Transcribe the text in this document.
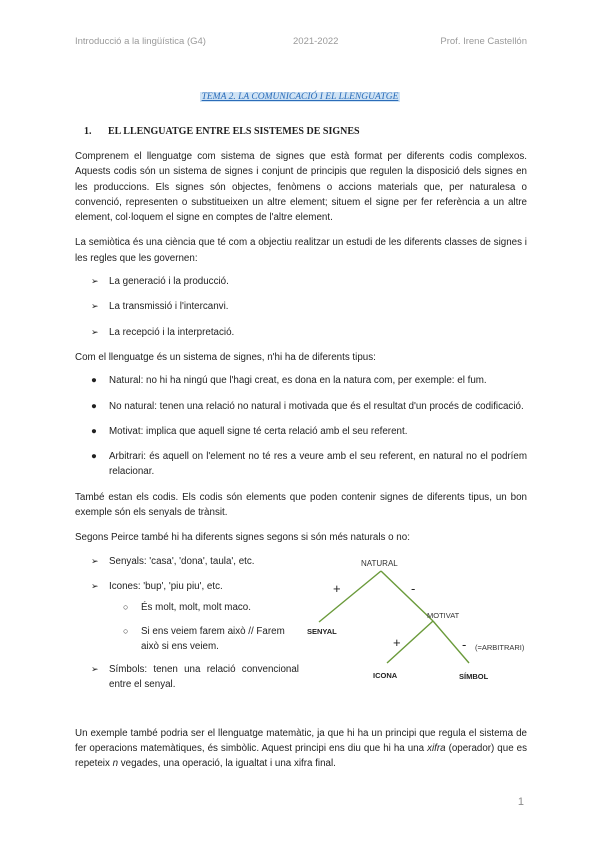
Introducció a la lingüística (G4)	2021-2022	Prof. Irene Castellón
TEMA 2. LA COMUNICACIÓ I EL LLENGUATGE
1. EL LLENGUATGE ENTRE ELS SISTEMES DE SIGNES

Comprenem el llenguatge com sistema de signes que està format per diferents codis complexos. Aquests codis són un sistema de signes i conjunt de principis que regulen la disposició dels signes en les produccions. Els signes són objectes, fenòmens o accions materials que, per naturalesa o convenció, representen o substitueixen un altre element; situem el signe per fer referència a un altre element, col·loquem el signe en comptes de l'altre element.

La semiòtica és una ciència que té com a objectiu realitzar un estudi de les diferents classes de signes i les regles que les governen:

➢ La generació i la producció.
➢ La transmissió i l'intercanvi.
➢ La recepció i la interpretació.

Com el llenguatge és un sistema de signes, n'hi ha de diferents tipus:

● Natural: no hi ha ningú que l'hagi creat, es dona en la natura com, per exemple: el fum.
● No natural: tenen una relació no natural i motivada que és el resultat d'un procés de codificació.
● Motivat: implica que aquell signe té certa relació amb el seu referent.
● Arbitrari: és aquell on l'element no té res a veure amb el seu referent, en natural no el podríem relacionar.

També estan els codis. Els codis són elements que poden contenir signes de diferents tipus, un bon exemple són els senyals de trànsit.

Segons Peirce també hi ha diferents signes segons si són més naturals o no:

➢ Senyals: 'casa', 'dona', taula', etc.
➢ Icones: 'bup', 'piu piu', etc.
○ És molt, molt, molt maco.
○ Si ens veiem farem això // Farem això si ens veiem.
➢ Símbols: tenen una relació convencional entre el senyal.
NATURAL
MOTIVAT
SENYAL
ICONA	SÍMBOL
(=ARBITRARI)
+	-
+	-

Un exemple també podria ser el llenguatge matemàtic, ja que hi ha un principi que regula el sistema de fer operacions matemàtiques, és simbòlic. Aquest principi ens diu que hi ha una xifra (operador) que es repeteix n vegades, una operació, la igualtat i una xifra final.

1
